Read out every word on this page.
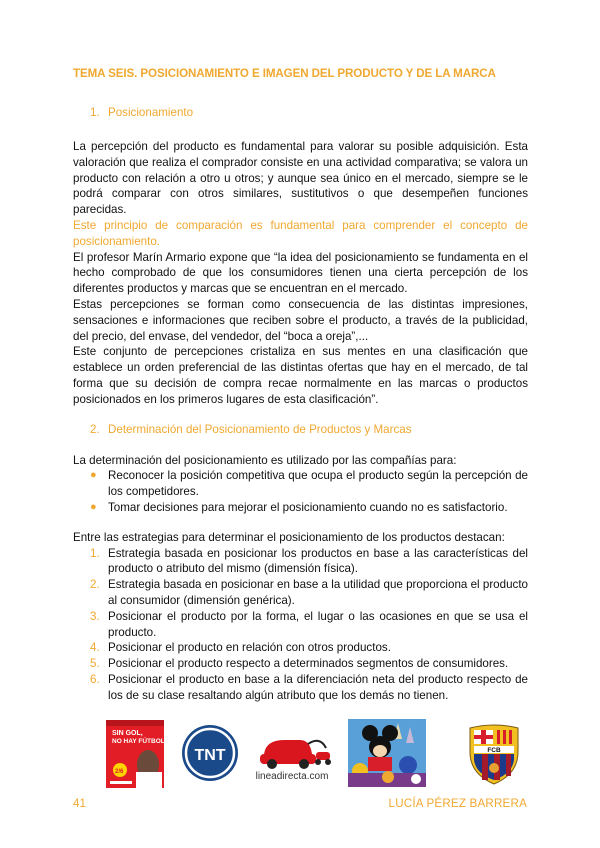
TEMA SEIS. POSICIONAMIENTO E IMAGEN DEL PRODUCTO Y DE LA MARCA
1. Posicionamiento

La percepción del producto es fundamental para valorar su posible adquisición. Esta valoración que realiza el comprador consiste en una actividad comparativa; se valora un producto con relación a otro u otros; y aunque sea único en el mercado, siempre se le podrá comparar con otros similares, sustitutivos o que desempeñen funciones parecidas.

Este principio de comparación es fundamental para comprender el concepto de posicionamiento.

El profesor Marín Armario expone que “la idea del posicionamiento se fundamenta en el hecho comprobado de que los consumidores tienen una cierta percepción de los diferentes productos y marcas que se encuentran en el mercado.

Estas percepciones se forman como consecuencia de las distintas impresiones, sensaciones e informaciones que reciben sobre el producto, a través de la publicidad, del precio, del envase, del vendedor, del “boca a oreja”,...

Este conjunto de percepciones cristaliza en sus mentes en una clasificación que establece un orden preferencial de las distintas ofertas que hay en el mercado, de tal forma que su decisión de compra recae normalmente en las marcas o productos posicionados en los primeros lugares de esta clasificación”.

2. Determinación del Posicionamiento de Productos y Marcas

La determinación del posicionamiento es utilizado por las compañías para:

● Reconocer la posición competitiva que ocupa el producto según la percepción de los competidores.
● Tomar decisiones para mejorar el posicionamiento cuando no es satisfactorio.

Entre las estrategias para determinar el posicionamiento de los productos destacan:

1. Estrategia basada en posicionar los productos en base a las características del producto o atributo del mismo (dimensión física).
2. Estrategia basada en posicionar en base a la utilidad que proporciona el producto al consumidor (dimensión genérica).
3. Posicionar el producto por la forma, el lugar o las ocasiones en que se usa el producto.
4. Posicionar el producto en relación con otros productos.
5. Posicionar el producto respecto a determinados segmentos de consumidores.
6. Posicionar el producto en base a la diferenciación neta del producto respecto de los de su clase resaltando algún atributo que los demás no tienen.
SIN GOL,
NO HAY FÚTBOL
2/6
TNT
lineadirecta.com
FCB
41	LUCÍA PÉREZ BARRERA
